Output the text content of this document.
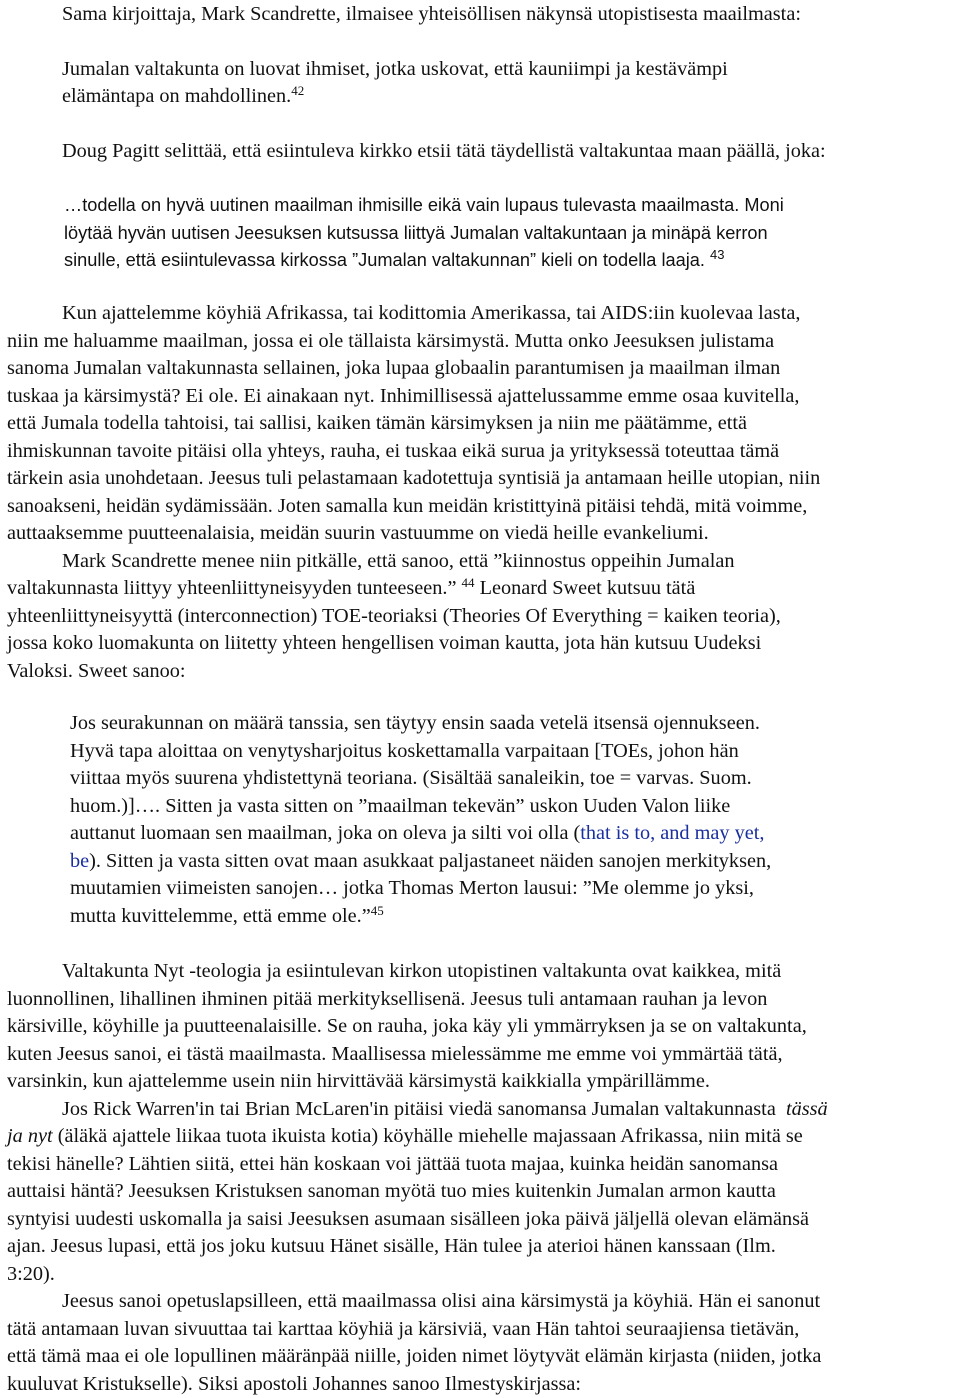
Sama kirjoittaja, Mark Scandrette, ilmaisee yhteisöllisen näkynsä utopistisesta maailmasta:

Jumalan valtakunta on luovat ihmiset, jotka uskovat, että kauniimpi ja kestävämpi

elämäntapa on mahdollinen.$^{42}$

Doug Pagitt selittää, että esiintuleva kirkko etsii tätä täydellistä valtakuntaa maan päällä, joka:

…todella on hyvä uutinen maailman ihmisille eikä vain lupaus tulevasta maailmasta. Moni
löytää hyvän uutisen Jeesuksen kutsussa liittyä Jumalan valtakuntaan ja minäpä kerron
sinulle, että esiintulevassa kirkossa ”Jumalan valtakunnan” kieli on todella laaja. $^{43}$
Kun ajattelemme köyhiä Afrikassa, tai kodittomia Amerikassa, tai AIDS:iin kuolevaa lasta,
niin me haluamme maailman, jossa ei ole tällaista kärsimystä. Mutta onko Jeesuksen julistama
sanoma Jumalan valtakunnasta sellainen, joka lupaa globaalin parantumisen ja maailman ilman
tuskaa ja kärsimystä? Ei ole. Ei ainakaan nyt. Inhimillisessä ajattelussamme emme osaa kuvitella,
että Jumala todella tahtoisi, tai sallisi, kaiken tämän kärsimyksen ja niin me päätämme, että
ihmiskunnan tavoite pitäisi olla yhteys, rauha, ei tuskaa eikä surua ja yrityksessä toteuttaa tämä
tärkein asia unohdetaan. Jeesus tuli pelastamaan kadotettuja syntisiä ja antamaan heille utopian, niin
sanoakseni, heidän sydämissään. Joten samalla kun meidän kristittyinä pitäisi tehdä, mitä voimme,
auttaaksemme puutteenalaisia, meidän suurin vastuumme on viedä heille evankeliumi.
Mark Scandrette menee niin pitkälle, että sanoo, että ”kiinnostus oppeihin Jumalan
valtakunnasta liittyy yhteenliittyneisyyden tunteeseen.” $^{44}$ Leonard Sweet kutsuu tätä
yhteenliittyneisyyttä (interconnection) TOE-teoriaksi (Theories Of Everything = kaiken teoria),
jossa koko luomakunta on liitetty yhteen hengellisen voiman kautta, jota hän kutsuu Uudeksi
Valoksi. Sweet sanoo:
Jos seurakunnan on määrä tanssia, sen täytyy ensin saada vetelä itsensä ojennukseen.
Hyvä tapa aloittaa on venytysharjoitus koskettamalla varpaitaan [TOEs, johon hän
viittaa myös suurena yhdistettynä teoriana. (Sisältää sanaleikin, toe = varvas. Suom.
huom.)]…. Sitten ja vasta sitten on ”maailman tekevän” uskon Uuden Valon liike
auttanut luomaan sen maailman, joka on oleva ja silti voi olla (that is to, and may yet,
be). Sitten ja vasta sitten ovat maan asukkaat paljastaneet näiden sanojen merkityksen,
muutamien viimeisten sanojen… jotka Thomas Merton lausui: ”Me olemme jo yksi,
mutta kuvittelemme, että emme ole.”$^{45}$
Valtakunta Nyt -teologia ja esiintulevan kirkon utopistinen valtakunta ovat kaikkea, mitä
luonnollinen, lihallinen ihminen pitää merkityksellisenä. Jeesus tuli antamaan rauhan ja levon
kärsiville, köyhille ja puutteenalaisille. Se on rauha, joka käy yli ymmärryksen ja se on valtakunta,
kuten Jeesus sanoi, ei tästä maailmasta. Maallisessa mielessämme me emme voi ymmärtää tätä,
varsinkin, kun ajattelemme usein niin hirvittävää kärsimystä kaikkialla ympärillämme.
Jos Rick Warren'in tai Brian McLaren'in pitäisi viedä sanomansa Jumalan valtakunnasta tässä
ja nyt (äläkä ajattele liikaa tuota ikuista kotia) köyhälle miehelle majassaan Afrikassa, niin mitä se
tekisi hänelle? Lähtien siitä, ettei hän koskaan voi jättää tuota majaa, kuinka heidän sanomansa
auttaisi häntä? Jeesuksen Kristuksen sanoman myötä tuo mies kuitenkin Jumalan armon kautta
syntyisi uudesti uskomalla ja saisi Jeesuksen asumaan sisälleen joka päivä jäljellä olevan elämänsä
ajan. Jeesus lupasi, että jos joku kutsuu Hänet sisälle, Hän tulee ja aterioi hänen kanssaan (Ilm.
3:20).
Jeesus sanoi opetuslapsilleen, että maailmassa olisi aina kärsimystä ja köyhiä. Hän ei sanonut
tätä antamaan luvan sivuuttaa tai karttaa köyhiä ja kärsiviä, vaan Hän tahtoi seuraajiensa tietävän,
että tämä maa ei ole lopullinen määränpää niille, joiden nimet löytyvät elämän kirjasta (niiden, jotka
kuuluvat Kristukselle). Siksi apostoli Johannes sanoo Ilmestyskirjassa:
